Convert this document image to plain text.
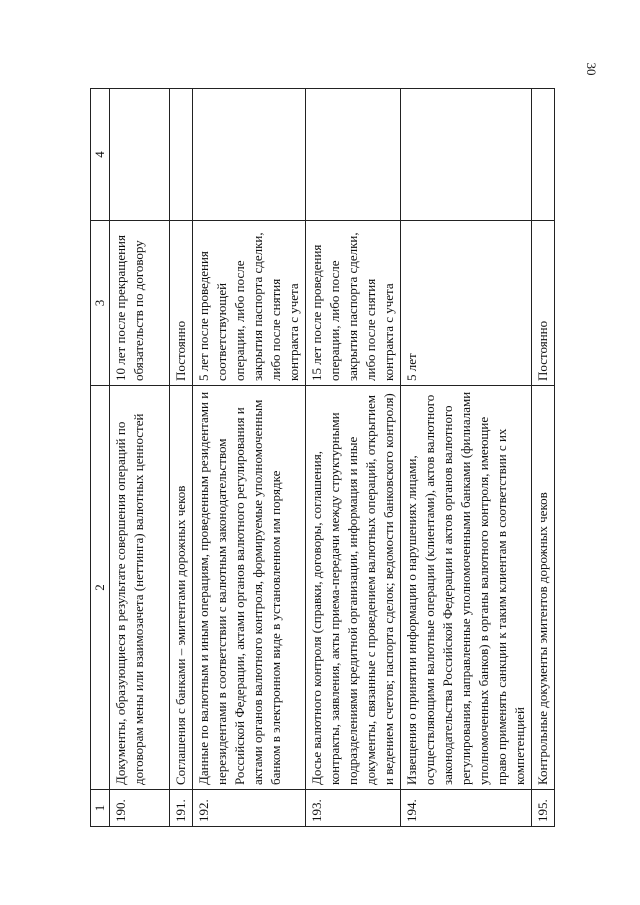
30
1	2	3	4
190.	Документы, образующиеся в результате совершения операций по договорам мены или взаимозачета (неттинга) валютных ценностей	10 лет после прекращения обязательств по договору	
191.	Соглашения с банками – эмитентами дорожных чеков	Постоянно	
192.	Данные по валютным и иным операциям, проведенным резидентами и нерезидентами в соответствии с валютным законодательством Российской Федерации, актами органов валютного регулирования и актами органов валютного контроля, формируемые уполномоченным банком в электронном виде в установленном им порядке	5 лет после проведения соответствующей операции, либо после закрытия паспорта сделки, либо после снятия контракта с учета	
193.	Досье валютного контроля (справки, договоры, соглашения, контракты, заявления, акты приема-передачи между структурными подразделениями кредитной организации, информация и иные документы, связанные с проведением валютных операций, открытием и ведением счетов; паспорта сделок; ведомости банковского контроля)	15 лет после проведения операции, либо после закрытия паспорта сделки, либо после снятия контракта с учета	
194.	Извещения о принятии информации о нарушениях лицами, осуществляющими валютные операции (клиентами), актов валютного законодательства Российской Федерации и актов органов валютного регулирования, направленные уполномоченными банками (филиалами уполномоченных банков) в органы валютного контроля, имеющие право применять санкции к таким клиентам в соответствии с их компетенцией	5 лет	
195.	Контрольные документы эмитентов дорожных чеков	Постоянно	
